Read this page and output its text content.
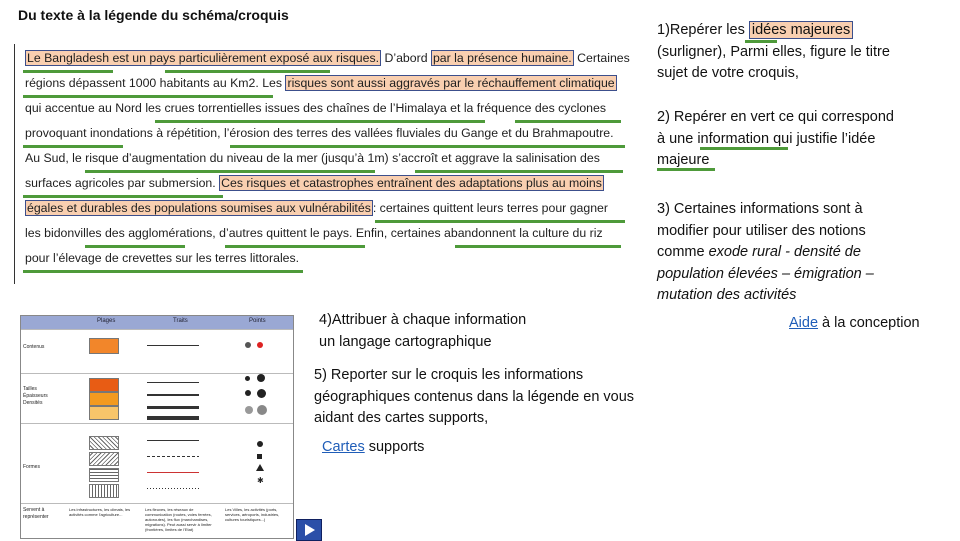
Du texte à la légende du schéma/croquis
Le Bangladesh est un pays particulièrement exposé aux risques. D’abord par la présence humaine. Certaines
régions dépassent 1000 habitants au Km2. Les risques sont aussi aggravés par le réchauffement climatique
qui accentue au Nord les crues torrentielles issues des chaînes de l’Himalaya et la fréquence des cyclones
provoquant inondations à répétition, l’érosion des terres des vallées fluviales du Gange et du Brahmapoutre.
Au Sud, le risque d’augmentation du niveau de la mer (jusqu’à 1m) s’accroît et aggrave la salinisation des
surfaces agricoles par submersion. Ces risques et catastrophes entraînent des adaptations plus au moins
égales et durables des populations soumises aux vulnérabilités : certaines quittent leurs terres pour gagner
les bidonvilles des agglomérations, d’autres quittent le pays. Enfin, certaines abandonnent la culture du riz
pour l’élevage de crevettes sur les terres littorales.
1)Repérer les idées majeures
(surligner), Parmi elles, figure le titre
sujet de votre croquis,
2) Repérer en vert ce qui correspond
à une information qui justifie l’idée
majeure
3) Certaines informations sont à
modifier pour utiliser des notions
comme exode rural - densité de
population élevées – émigration –
mutation des activités
Aide à la conception
4)Attribuer à chaque information
un langage cartographique
5) Reporter sur le croquis les informations
géographiques contenus dans la légende en vous
aidant des cartes supports,
Cartes supports
Plages	Traits	Points
Contenus
Tailles
Épaisseurs
Densités
Formes
Servent à
représenter
Les infrastructures, les climats, les activités comme l'agriculture...
Les fleuves, les réseaux de communication (routes, voies ferrées, autoroutes), les flux (marchandises, migrations). Peut aussi servir à limiter (frontières, limites de l'Etat)
Les Villes, les activités (ports, services, aéroports, industries, cultures touristiques...)
✱
